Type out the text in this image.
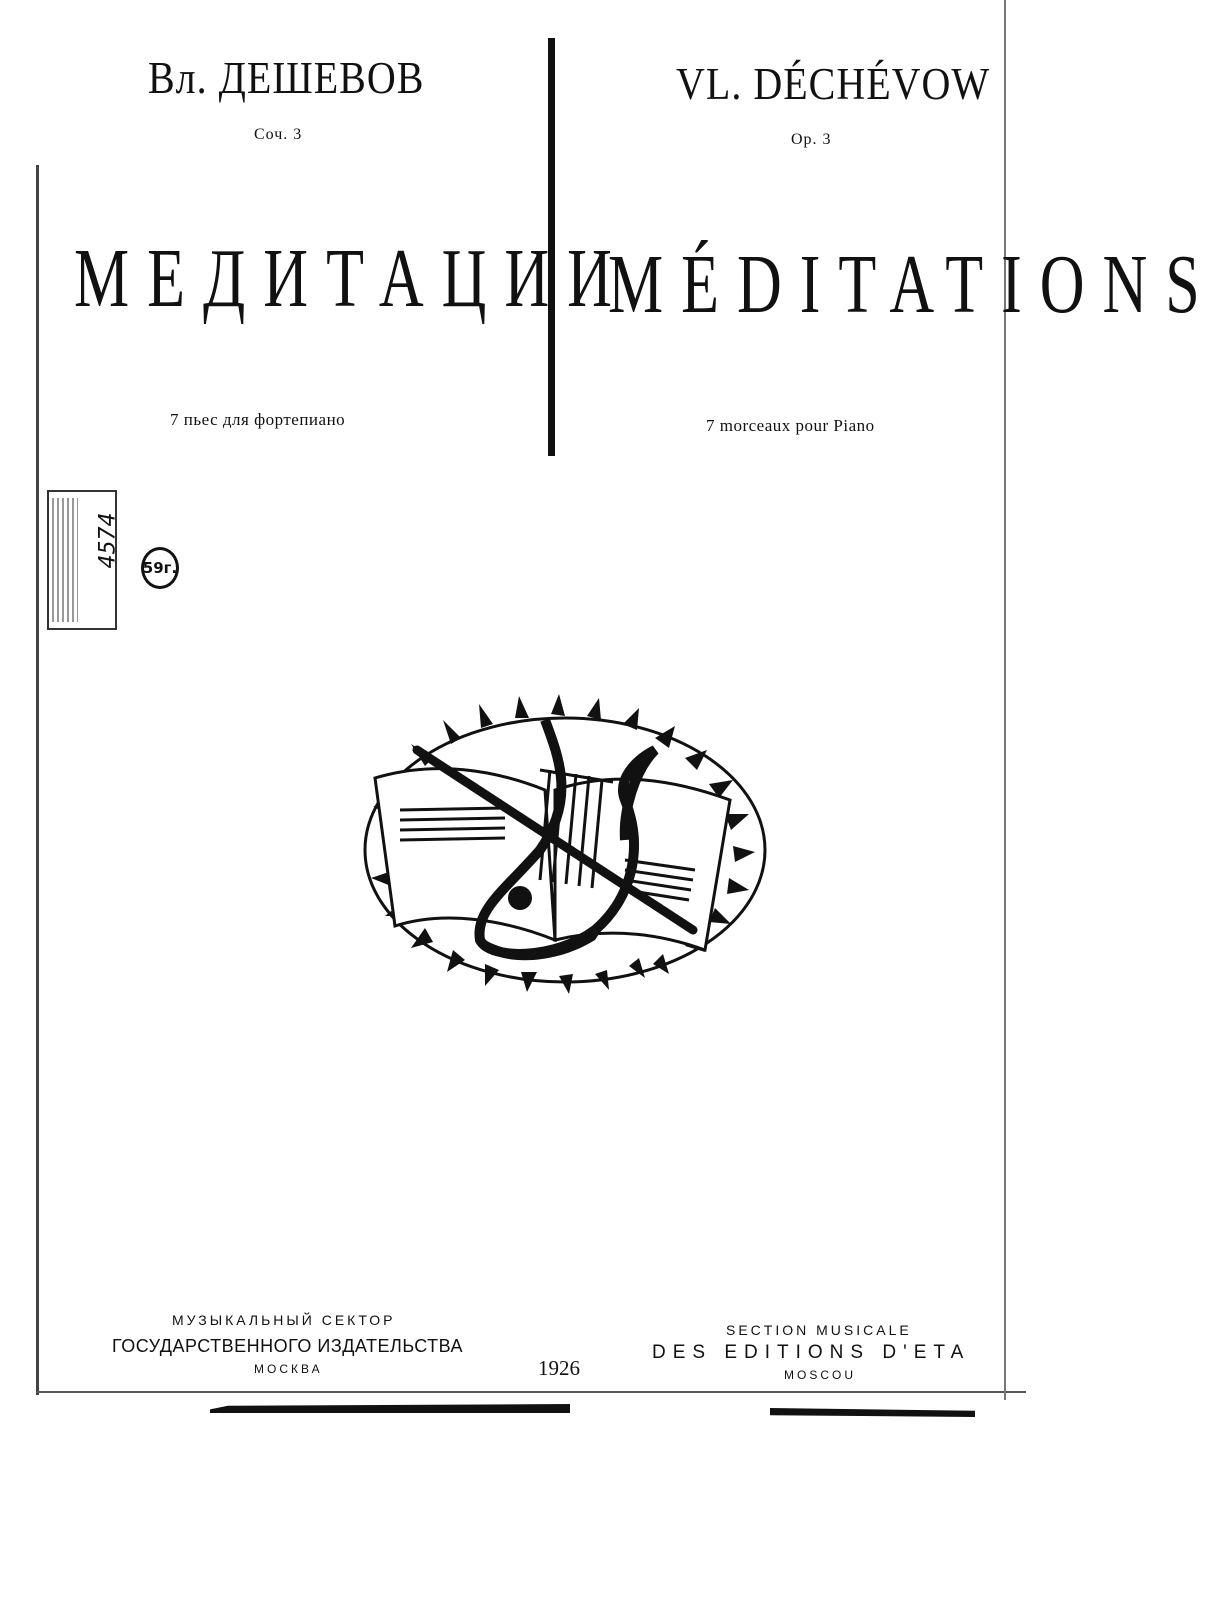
Вл. ДЕШЕВОВ
Соч. 3
МЕДИТАЦИИ
7 пьес для фортепиано
VL. DÉCHÉVOW
Op. 3
MÉDITATIONS
7 morceaux pour Piano
4574 59г.
МУЗЫКАЛЬНЫЙ СЕКТОР
ГОСУДАРСТВЕННОГО ИЗДАТЕЛЬСТВА
МОСКВА	1926
SECTION MUSICALE
DES EDITIONS D'ETA
MOSCOU
